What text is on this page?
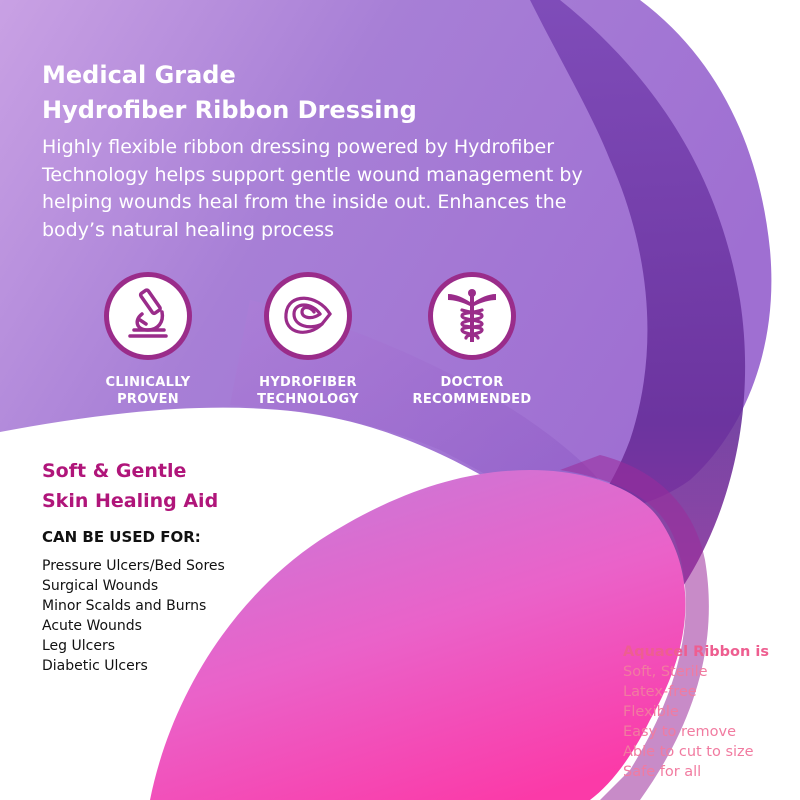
Medical Grade
Hydrofiber Ribbon Dressing

Highly flexible ribbon dressing powered by Hydrofiber Technology helps support gentle wound management by helping wounds heal from the inside out. Enhances the body’s natural healing process

CLINICALLY
PROVEN
HYDROFIBER
TECHNOLOGY
DOCTOR
RECOMMENDED
Soft & Gentle
Skin Healing Aid
CAN BE USED FOR:
Pressure Ulcers/Bed Sores
Surgical Wounds
Minor Scalds and Burns
Acute Wounds
Leg Ulcers
Diabetic Ulcers
Aquacel Ribbon is
Soft, Sterile
Latex-free
Flexible
Easy to remove
Able to cut to size
Safe for all
